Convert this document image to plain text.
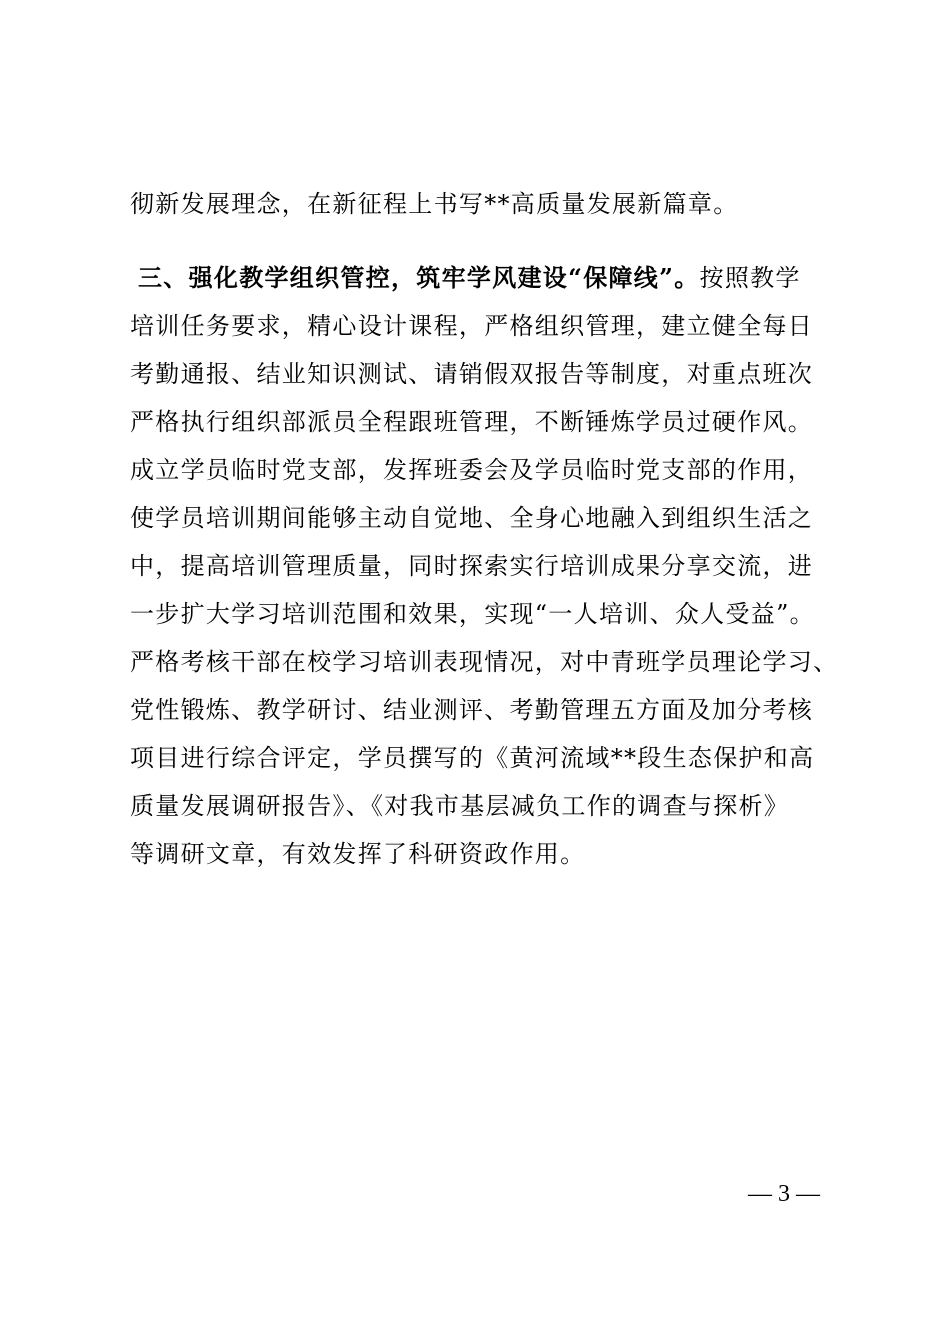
彻新发展理念，在新征程上书写**高质量发展新篇章。
三、强化教学组织管控，筑牢学风建设“保障线”。按照教学
培训任务要求，精心设计课程，严格组织管理，建立健全每日
考勤通报、结业知识测试、请销假双报告等制度，对重点班次
严格执行组织部派员全程跟班管理，不断锤炼学员过硬作风。
成立学员临时党支部，发挥班委会及学员临时党支部的作用，
使学员培训期间能够主动自觉地、全身心地融入到组织生活之
中，提高培训管理质量，同时探索实行培训成果分享交流，进
一步扩大学习培训范围和效果，实现“一人培训、众人受益”。
严格考核干部在校学习培训表现情况，对中青班学员理论学习、
党性锻炼、教学研讨、结业测评、考勤管理五方面及加分考核
项目进行综合评定，学员撰写的《黄河流域**段生态保护和高
质量发展调研报告》、《对我市基层减负工作的调查与探析》
等调研文章，有效发挥了科研资政作用。
— 3 —
